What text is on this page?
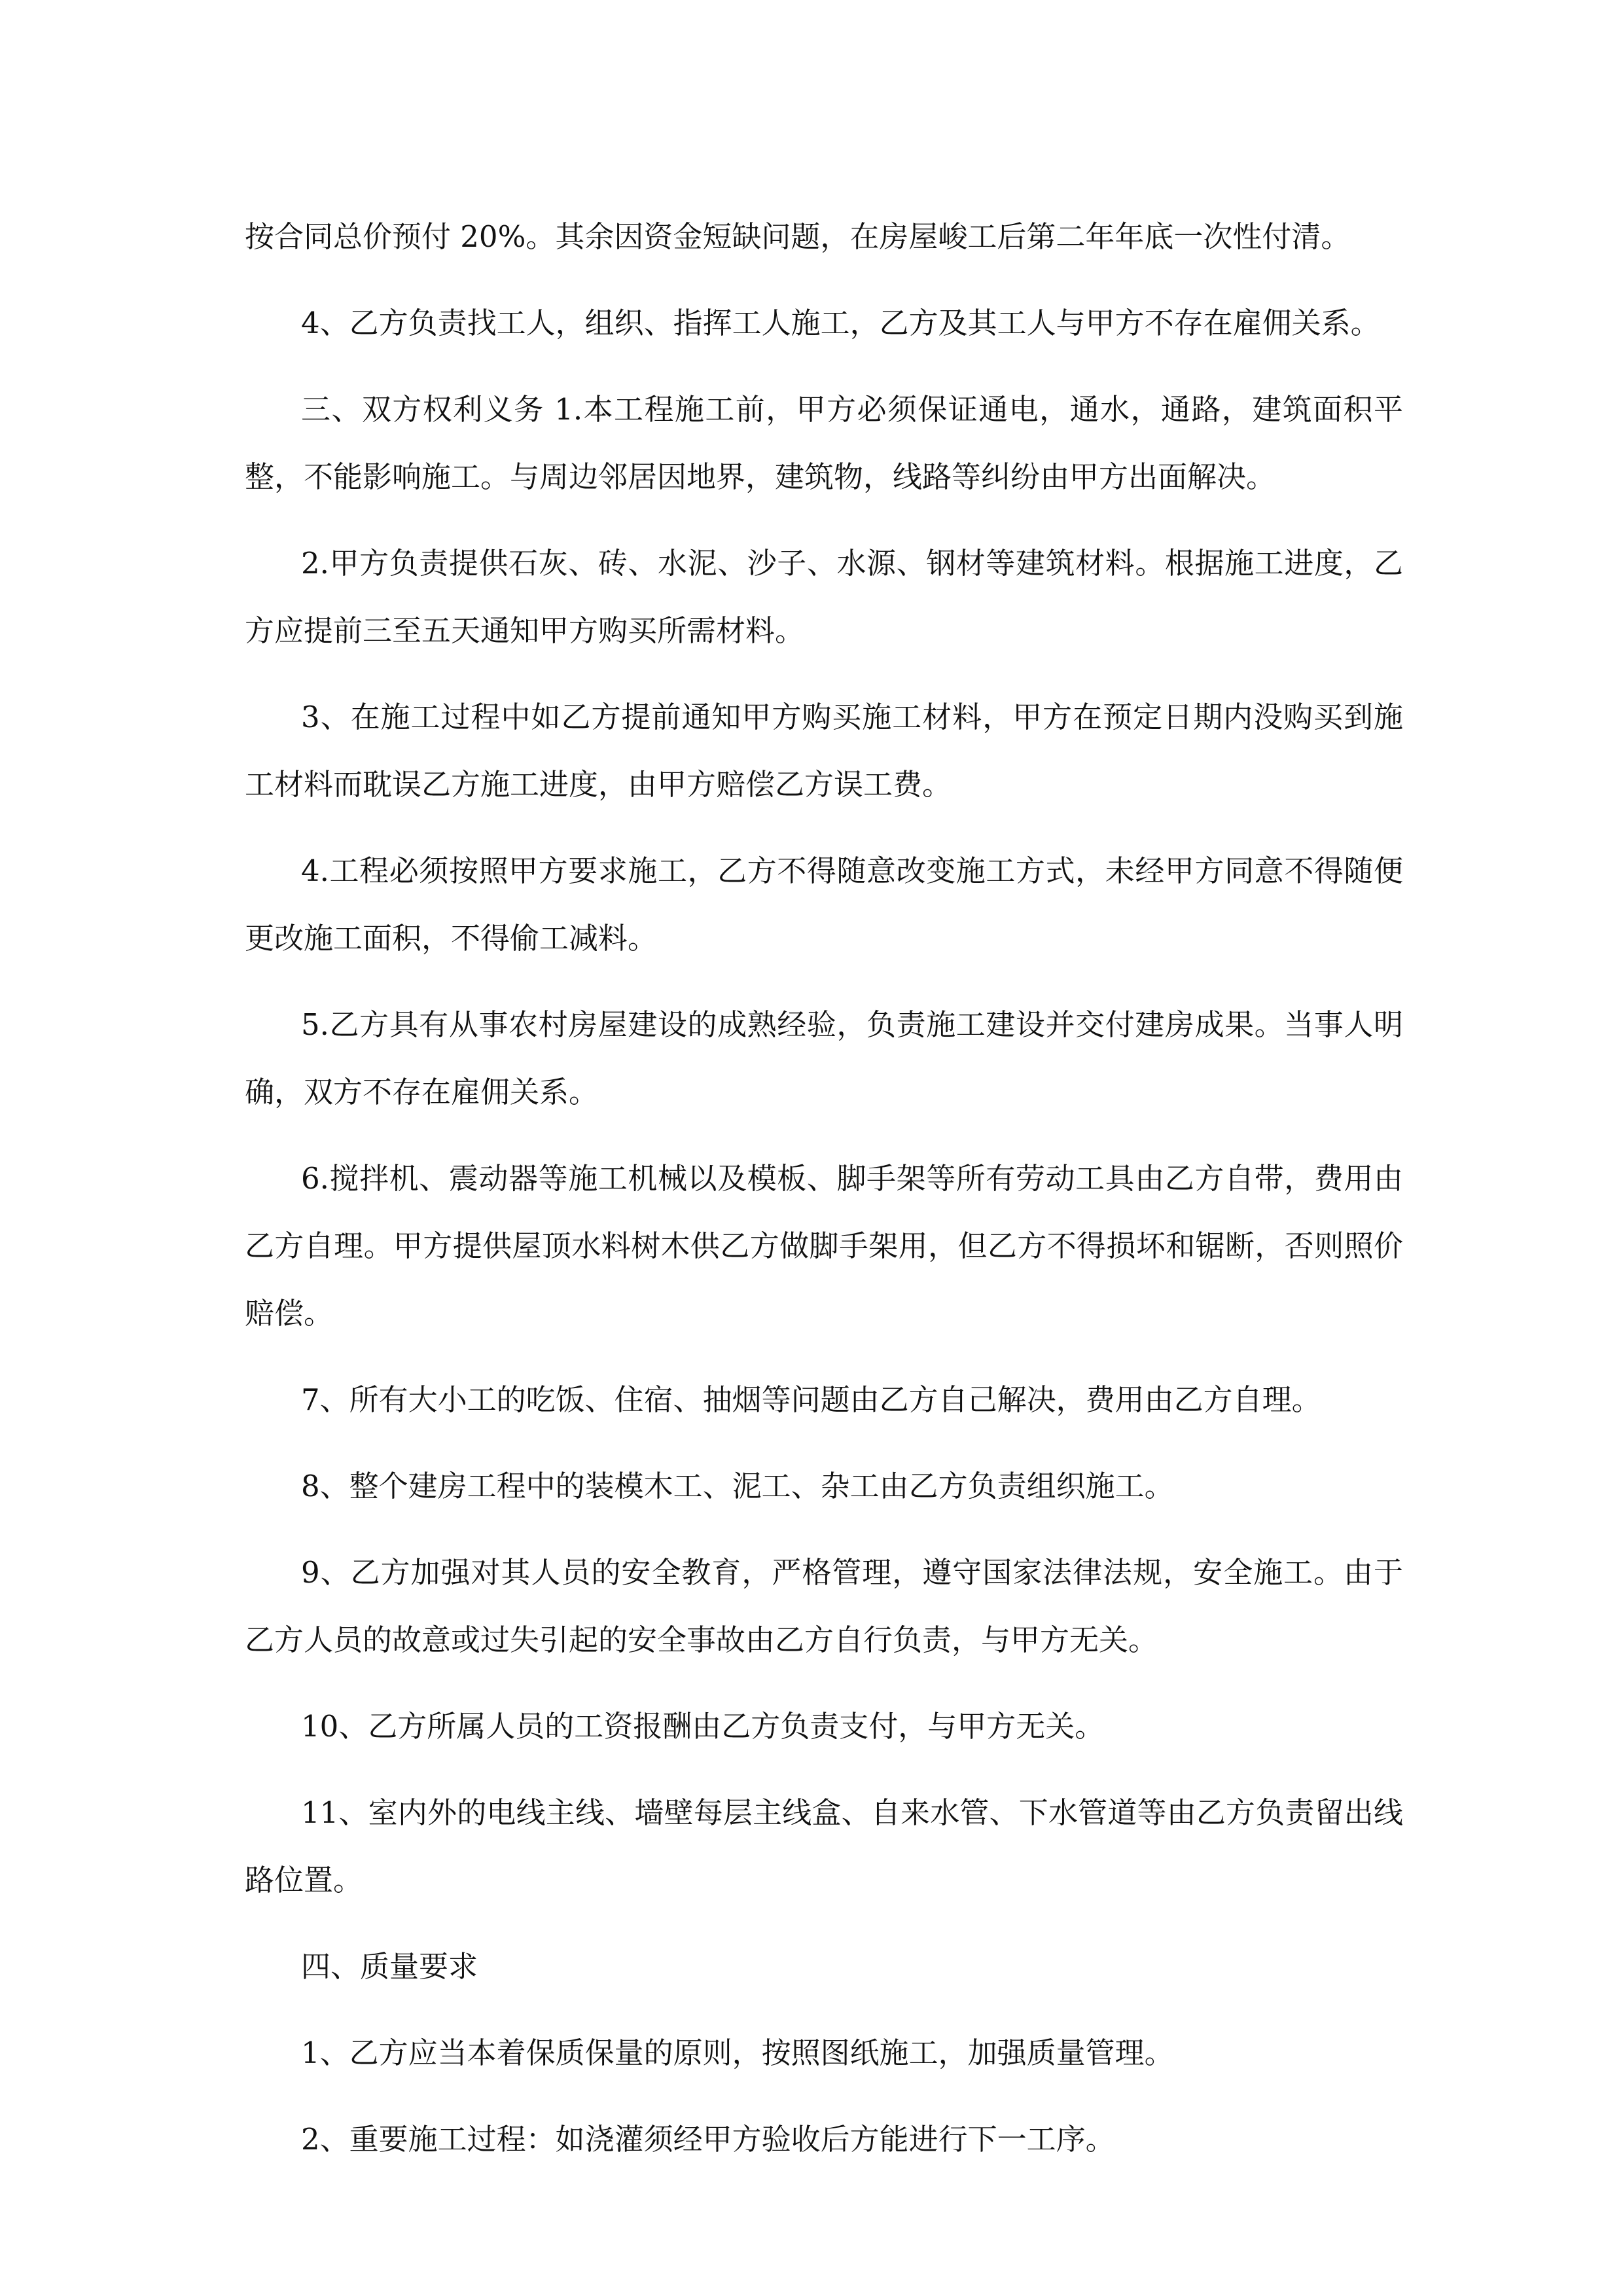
按合同总价预付 20%。其余因资金短缺问题，在房屋峻工后第二年年底一次性付清。

4、乙方负责找工人，组织、指挥工人施工，乙方及其工人与甲方不存在雇佣关系。

三、双方权利义务 1.本工程施工前，甲方必须保证通电，通水，通路，建筑面积平整，不能影响施工。与周边邻居因地界，建筑物，线路等纠纷由甲方出面解决。

2.甲方负责提供石灰、砖、水泥、沙子、水源、钢材等建筑材料。根据施工进度，乙方应提前三至五天通知甲方购买所需材料。

3、在施工过程中如乙方提前通知甲方购买施工材料，甲方在预定日期内没购买到施工材料而耽误乙方施工进度，由甲方赔偿乙方误工费。

4.工程必须按照甲方要求施工，乙方不得随意改变施工方式，未经甲方同意不得随便更改施工面积，不得偷工减料。

5.乙方具有从事农村房屋建设的成熟经验，负责施工建设并交付建房成果。当事人明确，双方不存在雇佣关系。

6.搅拌机、震动器等施工机械以及模板、脚手架等所有劳动工具由乙方自带，费用由乙方自理。甲方提供屋顶水料树木供乙方做脚手架用，但乙方不得损坏和锯断，否则照价赔偿。

7、所有大小工的吃饭、住宿、抽烟等问题由乙方自己解决，费用由乙方自理。

8、整个建房工程中的装模木工、泥工、杂工由乙方负责组织施工。

9、乙方加强对其人员的安全教育，严格管理，遵守国家法律法规，安全施工。由于乙方人员的故意或过失引起的安全事故由乙方自行负责，与甲方无关。

10、乙方所属人员的工资报酬由乙方负责支付，与甲方无关。

11、室内外的电线主线、墙壁每层主线盒、自来水管、下水管道等由乙方负责留出线路位置。

四、质量要求

1、乙方应当本着保质保量的原则，按照图纸施工，加强质量管理。

2、重要施工过程：如浇灌须经甲方验收后方能进行下一工序。
